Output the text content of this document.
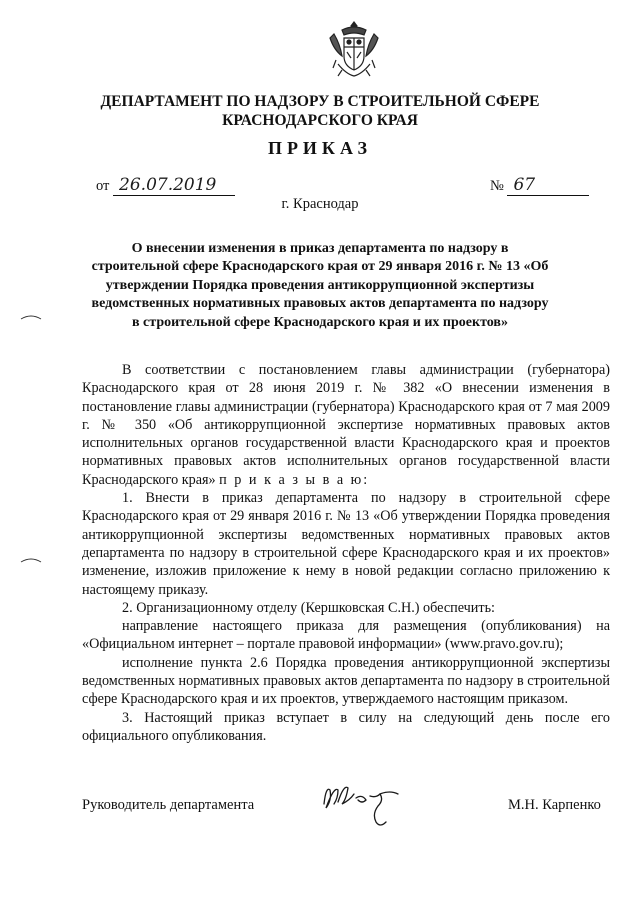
ДЕПАРТАМЕНТ ПО НАДЗОРУ В СТРОИТЕЛЬНОЙ СФЕРЕ КРАСНОДАРСКОГО КРАЯ
ПРИКАЗ
от 26.07.2019	№ 67
г. Краснодар
О внесении изменения в приказ департамента по надзору в строительной сфере Краснодарского края от 29 января 2016 г. № 13 «Об утверждении Порядка проведения антикоррупционной экспертизы ведомственных нормативных правовых актов департамента по надзору в строительной сфере Краснодарского края и их проектов»

В соответствии с постановлением главы администрации (губернатора) Краснодарского края от 28 июня 2019 г. № 382 «О внесении изменения в постановление главы администрации (губернатора) Краснодарского края от 7 мая 2009 г. № 350 «Об антикоррупционной экспертизе нормативных правовых актов исполнительных органов государственной власти Краснодарского края и проектов нормативных правовых актов исполнительных органов государственной власти Краснодарского края» п р и к а з ы в а ю:

1. Внести в приказ департамента по надзору в строительной сфере Краснодарского края от 29 января 2016 г. № 13 «Об утверждении Порядка проведения антикоррупционной экспертизы ведомственных нормативных правовых актов департамента по надзору в строительной сфере Краснодарского края и их проектов» изменение, изложив приложение к нему в новой редакции согласно приложению к настоящему приказу.

2. Организационному отделу (Кершковская С.Н.) обеспечить:

направление настоящего приказа для размещения (опубликования) на «Официальном интернет – портале правовой информации» (www.pravo.gov.ru);

исполнение пункта 2.6 Порядка проведения антикоррупционной экспертизы ведомственных нормативных правовых актов департамента по надзору в строительной сфере Краснодарского края и их проектов, утверждаемого настоящим приказом.

3. Настоящий приказ вступает в силу на следующий день после его официального опубликования.

Руководитель департамента	М.Н. Карпенко
